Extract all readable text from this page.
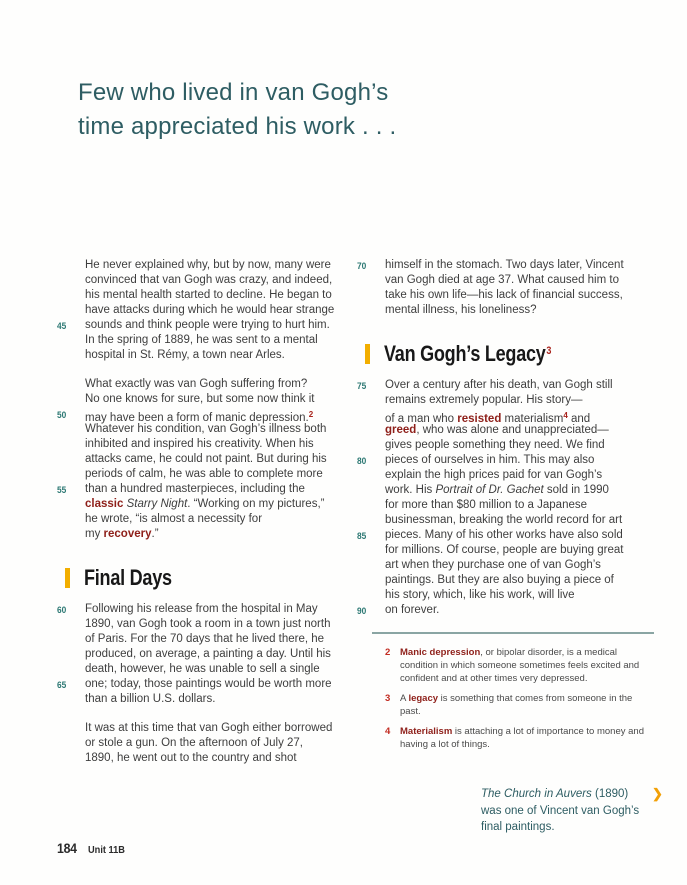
Few who lived in van Gogh’s
time appreciated his work . . .
He never explained why, but by now, many were
convinced that van Gogh was crazy, and indeed,
his mental health started to decline. He began to
have attacks during which he would hear strange
45 sounds and think people were trying to hurt him.
In the spring of 1889, he was sent to a mental
hospital in St. Rémy, a town near Arles.
What exactly was van Gogh suffering from?
No one knows for sure, but some now think it
50 may have been a form of manic depression.$^2$
Whatever his condition, van Gogh’s illness both
inhibited and inspired his creativity. When his
attacks came, he could not paint. But during his
periods of calm, he was able to complete more
55 than a hundred masterpieces, including the
classic Starry Night. “Working on my pictures,”
he wrote, “is almost a necessity for
my recovery.”
Final Days
60 Following his release from the hospital in May
1890, van Gogh took a room in a town just north
of Paris. For the 70 days that he lived there, he
produced, on average, a painting a day. Until his
death, however, he was unable to sell a single
65 one; today, those paintings would be worth more
than a billion U.S. dollars.
It was at this time that van Gogh either borrowed
or stole a gun. On the afternoon of July 27,
1890, he went out to the country and shot
70 himself in the stomach. Two days later, Vincent
van Gogh died at age 37. What caused him to
take his own life—his lack of financial success,
mental illness, his loneliness?
Van Gogh’s Legacy$^3$
75 Over a century after his death, van Gogh still
remains extremely popular. His story—
of a man who resisted materialism$^4$ and
greed, who was alone and unappreciated—
gives people something they need. We find
80 pieces of ourselves in him. This may also
explain the high prices paid for van Gogh’s
work. His Portrait of Dr. Gachet sold in 1990
for more than $80 million to a Japanese
businessman, breaking the world record for art
85 pieces. Many of his other works have also sold
for millions. Of course, people are buying great
art when they purchase one of van Gogh’s
paintings. But they are also buying a piece of
his story, which, like his work, will live
90 on forever.
2	Manic depression, or bipolar disorder, is a medical condition in which someone sometimes feels excited and confident and at other times very depressed.
3	A legacy is something that comes from someone in the past.
4	Materialism is attaching a lot of importance to money and having a lot of things.
The Church in Auvers (1890)
was one of Vincent van Gogh’s
final paintings.
❯
184 Unit 11B
